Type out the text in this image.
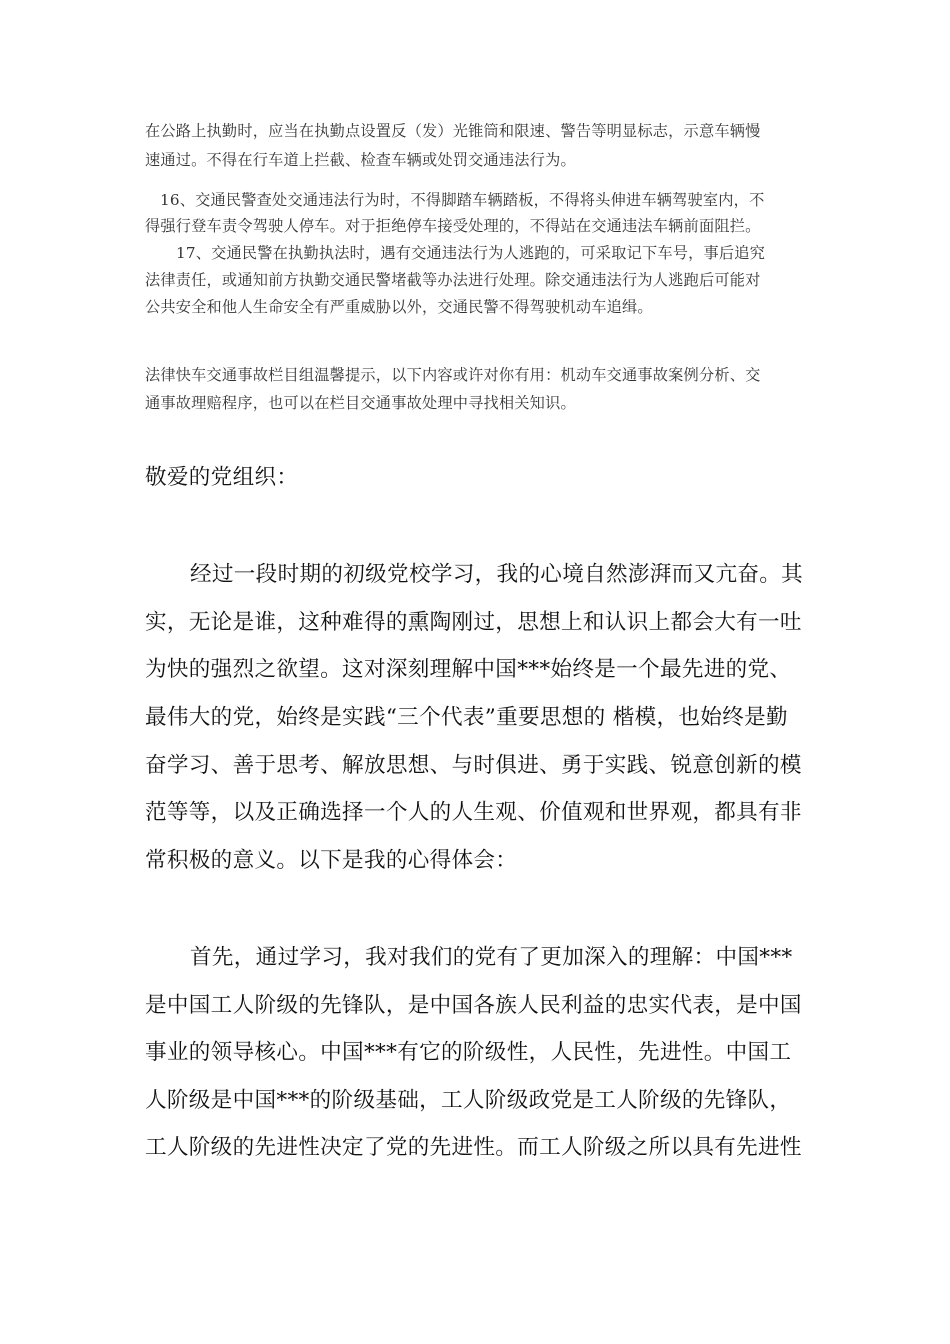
在公路上执勤时，应当在执勤点设置反（发）光锥筒和限速、警告等明显标志，示意车辆慢
速通过。不得在行车道上拦截、检查车辆或处罚交通违法行为。
16、交通民警查处交通违法行为时，不得脚踏车辆踏板，不得将头伸进车辆驾驶室内，不
得强行登车责令驾驶人停车。对于拒绝停车接受处理的，不得站在交通违法车辆前面阻拦。
17、交通民警在执勤执法时，遇有交通违法行为人逃跑的，可采取记下车号，事后追究
法律责任，或通知前方执勤交通民警堵截等办法进行处理。除交通违法行为人逃跑后可能对
公共安全和他人生命安全有严重威胁以外，交通民警不得驾驶机动车追缉。
法律快车交通事故栏目组温馨提示，以下内容或许对你有用：机动车交通事故案例分析、交
通事故理赔程序，也可以在栏目交通事故处理中寻找相关知识。
敬爱的党组织：
经过一段时期的初级党校学习，我的心境自然澎湃而又亢奋。其
实，无论是谁，这种难得的熏陶刚过，思想上和认识上都会大有一吐
为快的强烈之欲望。这对深刻理解中国***始终是一个最先进的党、
最伟大的党，始终是实践“三个代表”重要思想的 楷模，也始终是勤
奋学习、善于思考、解放思想、与时俱进、勇于实践、锐意创新的模
范等等，以及正确选择一个人的人生观、价值观和世界观，都具有非
常积极的意义。以下是我的心得体会：
首先，通过学习，我对我们的党有了更加深入的理解：中国***
是中国工人阶级的先锋队，是中国各族人民利益的忠实代表，是中国
事业的领导核心。中国***有它的阶级性，人民性，先进性。中国工
人阶级是中国***的阶级基础，工人阶级政党是工人阶级的先锋队，
工人阶级的先进性决定了党的先进性。而工人阶级之所以具有先进性
